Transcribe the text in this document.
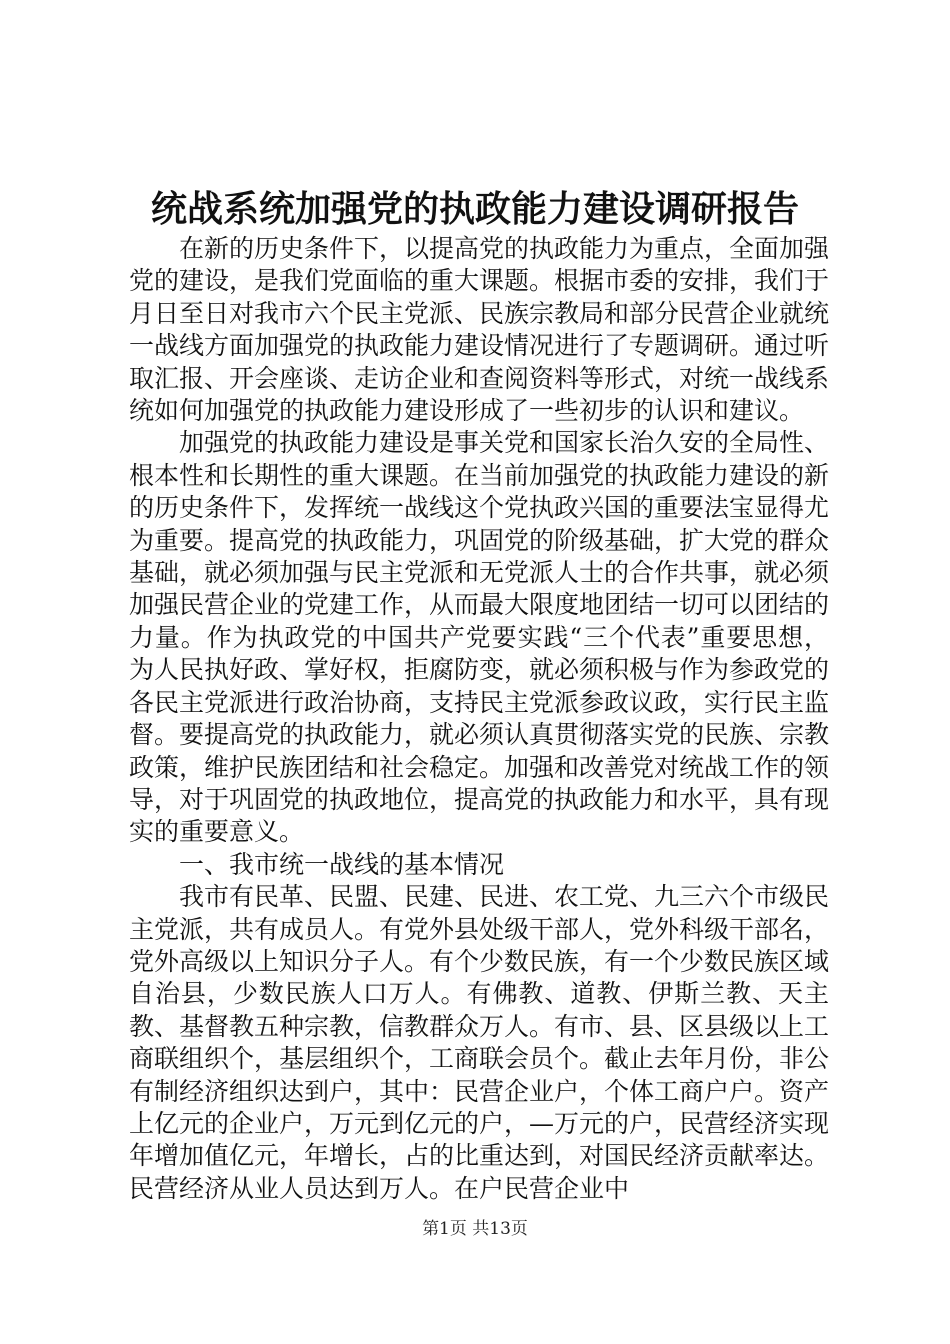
统战系统加强党的执政能力建设调研报告

在新的历史条件下，以提高党的执政能力为重点，全面加强党的建设，是我们党面临的重大课题。根据市委的安排，我们于月日至日对我市六个民主党派、民族宗教局和部分民营企业就统一战线方面加强党的执政能力建设情况进行了专题调研。通过听取汇报、开会座谈、走访企业和查阅资料等形式，对统一战线系统如何加强党的执政能力建设形成了一些初步的认识和建议。

加强党的执政能力建设是事关党和国家长治久安的全局性、根本性和长期性的重大课题。在当前加强党的执政能力建设的新的历史条件下，发挥统一战线这个党执政兴国的重要法宝显得尤为重要。提高党的执政能力，巩固党的阶级基础，扩大党的群众基础，就必须加强与民主党派和无党派人士的合作共事，就必须加强民营企业的党建工作，从而最大限度地团结一切可以团结的力量。作为执政党的中国共产党要实践“三个代表”重要思想，为人民执好政、掌好权，拒腐防变，就必须积极与作为参政党的各民主党派进行政治协商，支持民主党派参政议政，实行民主监督。要提高党的执政能力，就必须认真贯彻落实党的民族、宗教政策，维护民族团结和社会稳定。加强和改善党对统战工作的领导，对于巩固党的执政地位，提高党的执政能力和水平，具有现实的重要意义。

一、我市统一战线的基本情况

我市有民革、民盟、民建、民进、农工党、九三六个市级民主党派，共有成员人。有党外县处级干部人，党外科级干部名，党外高级以上知识分子人。有个少数民族，有一个少数民族区域自治县，少数民族人口万人。有佛教、道教、伊斯兰教、天主教、基督教五种宗教，信教群众万人。有市、县、区县级以上工商联组织个，基层组织个，工商联会员个。截止去年月份，非公有制经济组织达到户，其中：民营企业户，个体工商户户。资产上亿元的企业户，万元到亿元的户，—万元的户，民营经济实现年增加值亿元，年增长，占的比重达到，对国民经济贡献率达。民营经济从业人员达到万人。在户民营企业中

第1页 共13页
